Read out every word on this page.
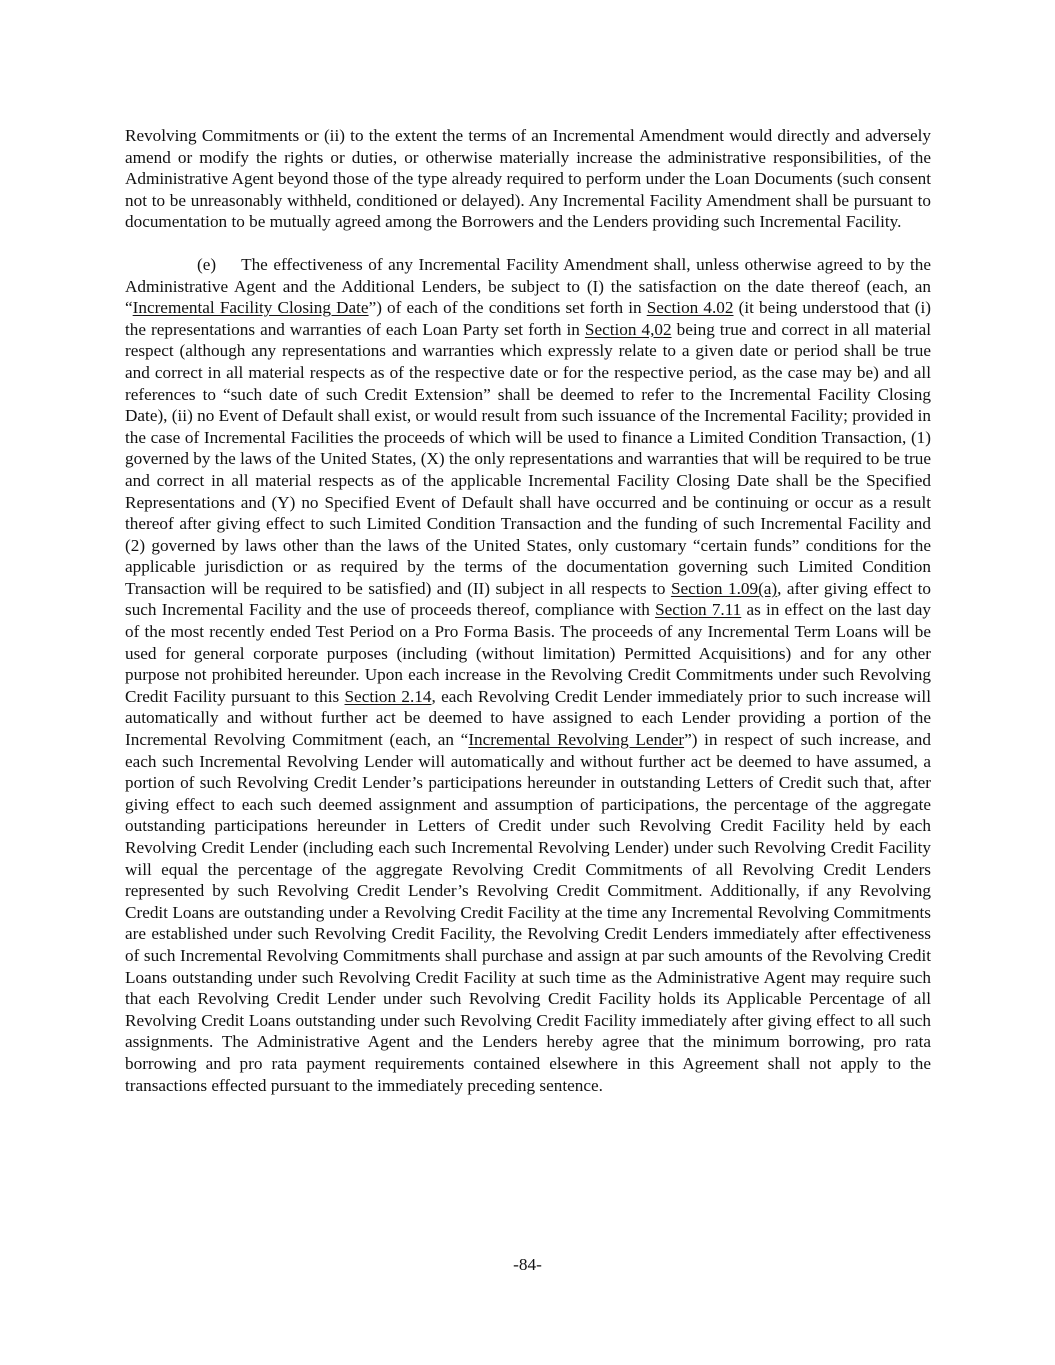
Revolving Commitments or (ii) to the extent the terms of an Incremental Amendment would directly and adversely amend or modify the rights or duties, or otherwise materially increase the administrative responsibilities, of the Administrative Agent beyond those of the type already required to perform under the Loan Documents (such consent not to be unreasonably withheld, conditioned or delayed). Any Incremental Facility Amendment shall be pursuant to documentation to be mutually agreed among the Borrowers and the Lenders providing such Incremental Facility.

(e) The effectiveness of any Incremental Facility Amendment shall, unless otherwise agreed to by the Administrative Agent and the Additional Lenders, be subject to (I) the satisfaction on the date thereof (each, an “Incremental Facility Closing Date”) of each of the conditions set forth in Section 4.02 (it being understood that (i) the representations and warranties of each Loan Party set forth in Section 4,02 being true and correct in all material respect (although any representations and warranties which expressly relate to a given date or period shall be true and correct in all material respects as of the respective date or for the respective period, as the case may be) and all references to “such date of such Credit Extension” shall be deemed to refer to the Incremental Facility Closing Date), (ii) no Event of Default shall exist, or would result from such issuance of the Incremental Facility; provided in the case of Incremental Facilities the proceeds of which will be used to finance a Limited Condition Transaction, (1) governed by the laws of the United States, (X) the only representations and warranties that will be required to be true and correct in all material respects as of the applicable Incremental Facility Closing Date shall be the Specified Representations and (Y) no Specified Event of Default shall have occurred and be continuing or occur as a result thereof after giving effect to such Limited Condition Transaction and the funding of such Incremental Facility and (2) governed by laws other than the laws of the United States, only customary “certain funds” conditions for the applicable jurisdiction or as required by the terms of the documentation governing such Limited Condition Transaction will be required to be satisfied) and (II) subject in all respects to Section 1.09(a), after giving effect to such Incremental Facility and the use of proceeds thereof, compliance with Section 7.11 as in effect on the last day of the most recently ended Test Period on a Pro Forma Basis. The proceeds of any Incremental Term Loans will be used for general corporate purposes (including (without limitation) Permitted Acquisitions) and for any other purpose not prohibited hereunder. Upon each increase in the Revolving Credit Commitments under such Revolving Credit Facility pursuant to this Section 2.14, each Revolving Credit Lender immediately prior to such increase will automatically and without further act be deemed to have assigned to each Lender providing a portion of the Incremental Revolving Commitment (each, an “Incremental Revolving Lender”) in respect of such increase, and each such Incremental Revolving Lender will automatically and without further act be deemed to have assumed, a portion of such Revolving Credit Lender’s participations hereunder in outstanding Letters of Credit such that, after giving effect to each such deemed assignment and assumption of participations, the percentage of the aggregate outstanding participations hereunder in Letters of Credit under such Revolving Credit Facility held by each Revolving Credit Lender (including each such Incremental Revolving Lender) under such Revolving Credit Facility will equal the percentage of the aggregate Revolving Credit Commitments of all Revolving Credit Lenders represented by such Revolving Credit Lender’s Revolving Credit Commitment. Additionally, if any Revolving Credit Loans are outstanding under a Revolving Credit Facility at the time any Incremental Revolving Commitments are established under such Revolving Credit Facility, the Revolving Credit Lenders immediately after effectiveness of such Incremental Revolving Commitments shall purchase and assign at par such amounts of the Revolving Credit Loans outstanding under such Revolving Credit Facility at such time as the Administrative Agent may require such that each Revolving Credit Lender under such Revolving Credit Facility holds its Applicable Percentage of all Revolving Credit Loans outstanding under such Revolving Credit Facility immediately after giving effect to all such assignments. The Administrative Agent and the Lenders hereby agree that the minimum borrowing, pro rata borrowing and pro rata payment requirements contained elsewhere in this Agreement shall not apply to the transactions effected pursuant to the immediately preceding sentence.

-84-
